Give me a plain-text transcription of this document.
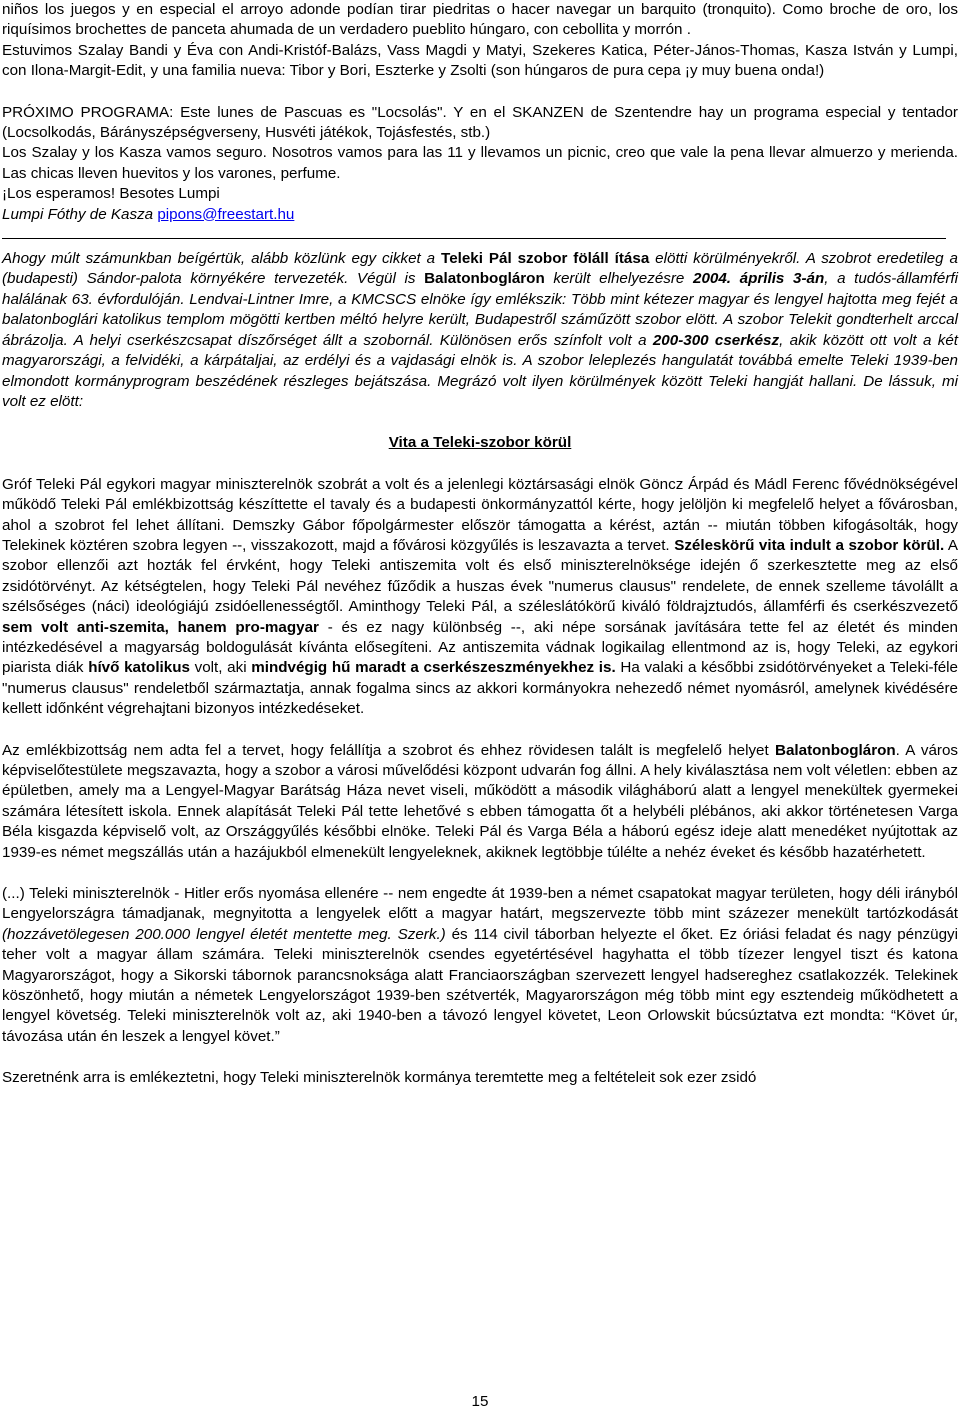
niños los juegos y en especial el arroyo adonde podían tirar piedritas o hacer navegar un barquito (tronquito). Como broche de oro, los riquísimos brochettes de panceta ahumada de un verdadero pueblito húngaro, con cebollita y morrón .

Estuvimos Szalay Bandi y Éva con Andi-Kristóf-Balázs, Vass Magdi y Matyi, Szekeres Katica, Péter-János-Thomas, Kasza István y Lumpi, con Ilona-Margit-Edit, y una familia nueva: Tibor y Bori, Eszterke y Zsolti (son húngaros de pura cepa ¡y muy buena onda!)

PRÓXIMO PROGRAMA: Este lunes de Pascuas es "Locsolás". Y en el SKANZEN de Szentendre hay un programa especial y tentador (Locsolkodás, Bárányszépségverseny, Husvéti játékok, Tojásfestés, stb.)

Los Szalay y los Kasza vamos seguro. Nosotros vamos para las 11 y llevamos un picnic, creo que vale la pena llevar almuerzo y merienda. Las chicas lleven huevitos y los varones, perfume.

¡Los esperamos! Besotes Lumpi

Lumpi Fóthy de Kasza pipons@freestart.hu

Ahogy múlt számunkban beígértük, alább közlünk egy cikket a Teleki Pál szobor föláll ítása elötti körülményekről. A szobrot eredetileg a (budapesti) Sándor-palota környékére tervezeték. Végül is Balatonbogláron került elhelyezésre 2004. április 3-án, a tudós-államférfi halálának 63. évfordulóján. Lendvai-Lintner Imre, a KMCSCS elnöke így emlékszik: Több mint kétezer magyar és lengyel hajtotta meg fejét a balatonboglári katolikus templom mögötti kertben méltó helyre került, Budapestről száműzött szobor elött. A szobor Telekit gondterhelt arccal ábrázolja. A helyi cserkészcsapat díszőrséget állt a szobornál. Különösen erős színfolt volt a 200-300 cserkész, akik között ott volt a két magyarországi, a felvidéki, a kárpátaljai, az erdélyi és a vajdasági elnök is. A szobor leleplezés hangulatát továbbá emelte Teleki 1939-ben elmondott kormányprogram beszédének részleges bejátszása. Megrázó volt ilyen körülmények között Teleki hangját hallani. De lássuk, mi volt ez elött:

Vita a Teleki-szobor körül

Gróf Teleki Pál egykori magyar miniszterelnök szobrát a volt és a jelenlegi köztársasági elnök Göncz Árpád és Mádl Ferenc fővédnökségével működő Teleki Pál emlékbizottság készíttette el tavaly és a budapesti önkormányzattól kérte, hogy jelöljön ki megfelelő helyet a fővárosban, ahol a szobrot fel lehet állítani. Demszky Gábor főpolgármester először támogatta a kérést, aztán -- miután többen kifogásolták, hogy Telekinek köztéren szobra legyen --, visszakozott, majd a fővárosi közgyűlés is leszavazta a tervet. Széleskörű vita indult a szobor körül. A szobor ellenzői azt hozták fel érvként, hogy Teleki antiszemita volt és első miniszterelnöksége idején ő szerkesztette meg az első zsidótörvényt. Az kétségtelen, hogy Teleki Pál nevéhez fűződik a huszas évek "numerus clausus" rendelete, de ennek szelleme távolállt a szélsőséges (náci) ideológiájú zsidóellenességtől. Aminthogy Teleki Pál, a széleslátókörű kiváló földrajztudós, államférfi és cserkészvezető sem volt anti-szemita, hanem pro-magyar - és ez nagy különbség --, aki népe sorsának javítására tette fel az életét és minden intézkedésével a magyarság boldogulását kívánta elősegíteni. Az antiszemita vádnak logikailag ellentmond az is, hogy Teleki, az egykori piarista diák hívő katolikus volt, aki mindvégig hű maradt a cserkészeszményekhez is. Ha valaki a későbbi zsidótörvényeket a Teleki-féle "numerus clausus" rendeletből származtatja, annak fogalma sincs az akkori kormányokra nehezedő német nyomásról, amelynek kivédésére kellett időnként végrehajtani bizonyos intézkedéseket.

Az emlékbizottság nem adta fel a tervet, hogy felállítja a szobrot és ehhez rövidesen talált is megfelelő helyet Balatonbogláron. A város képviselőtestülete megszavazta, hogy a szobor a városi művelődési központ udvarán fog állni. A hely kiválasztása nem volt véletlen: ebben az épületben, amely ma a Lengyel-Magyar Barátság Háza nevet viseli, működött a második világháború alatt a lengyel menekültek gyermekei számára létesített iskola. Ennek alapítását Teleki Pál tette lehetővé s ebben támogatta őt a helybéli plébános, aki akkor történetesen Varga Béla kisgazda képviselő volt, az Országgyűlés későbbi elnöke. Teleki Pál és Varga Béla a háború egész ideje alatt menedéket nyújtottak az 1939-es német megszállás után a hazájukból elmenekült lengyeleknek, akiknek legtöbbje túlélte a nehéz éveket és később hazatérhetett.

(...) Teleki miniszterelnök - Hitler erős nyomása ellenére -- nem engedte át 1939-ben a német csapatokat magyar területen, hogy déli irányból Lengyelországra támadjanak, megnyitotta a lengyelek előtt a magyar határt, megszervezte több mint százezer menekült tartózkodását (hozzávetölegesen 200.000 lengyel életét mentette meg. Szerk.) és 114 civil táborban helyezte el őket. Ez óriási feladat és nagy pénzügyi teher volt a magyar állam számára. Teleki miniszterelnök csendes egyetértésével hagyhatta el több tízezer lengyel tiszt és katona Magyarországot, hogy a Sikorski tábornok parancsnoksága alatt Franciaországban szervezett lengyel hadsereghez csatlakozzék. Telekinek köszönhető, hogy miután a németek Lengyelországot 1939-ben szétverték, Magyarországon még több mint egy esztendeig működhetett a lengyel követség. Teleki miniszterelnök volt az, aki 1940-ben a távozó lengyel követet, Leon Orlowskit búcsúztatva ezt mondta: “Követ úr, távozása után én leszek a lengyel követ.”

Szeretnénk arra is emlékeztetni, hogy Teleki miniszterelnök kormánya teremtette meg a feltételeit sok ezer zsidó

15
